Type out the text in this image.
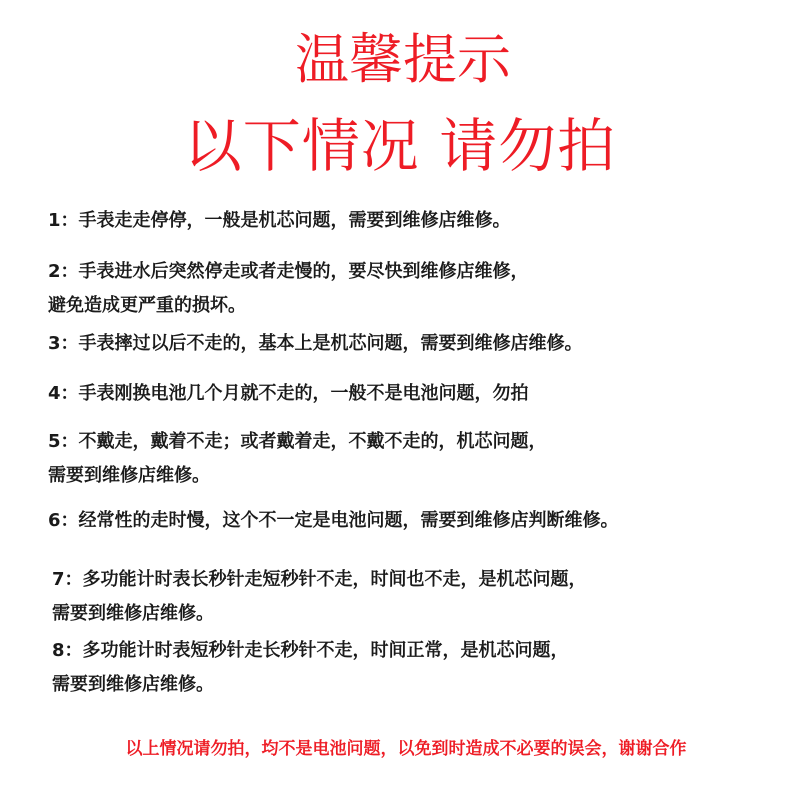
温馨提示
以下情况 请勿拍
1：手表走走停停，一般是机芯问题，需要到维修店维修。
2：手表进水后突然停走或者走慢的，要尽快到维修店维修，
避免造成更严重的损坏。
3：手表摔过以后不走的，基本上是机芯问题，需要到维修店维修。
4：手表刚换电池几个月就不走的，一般不是电池问题，勿拍
5：不戴走，戴着不走；或者戴着走，不戴不走的，机芯问题，
需要到维修店维修。
6：经常性的走时慢，这个不一定是电池问题，需要到维修店判断维修。
7：多功能计时表长秒针走短秒针不走，时间也不走，是机芯问题，
需要到维修店维修。
8：多功能计时表短秒针走长秒针不走，时间正常，是机芯问题，
需要到维修店维修。
以上情况请勿拍，均不是电池问题，以免到时造成不必要的误会，谢谢合作
